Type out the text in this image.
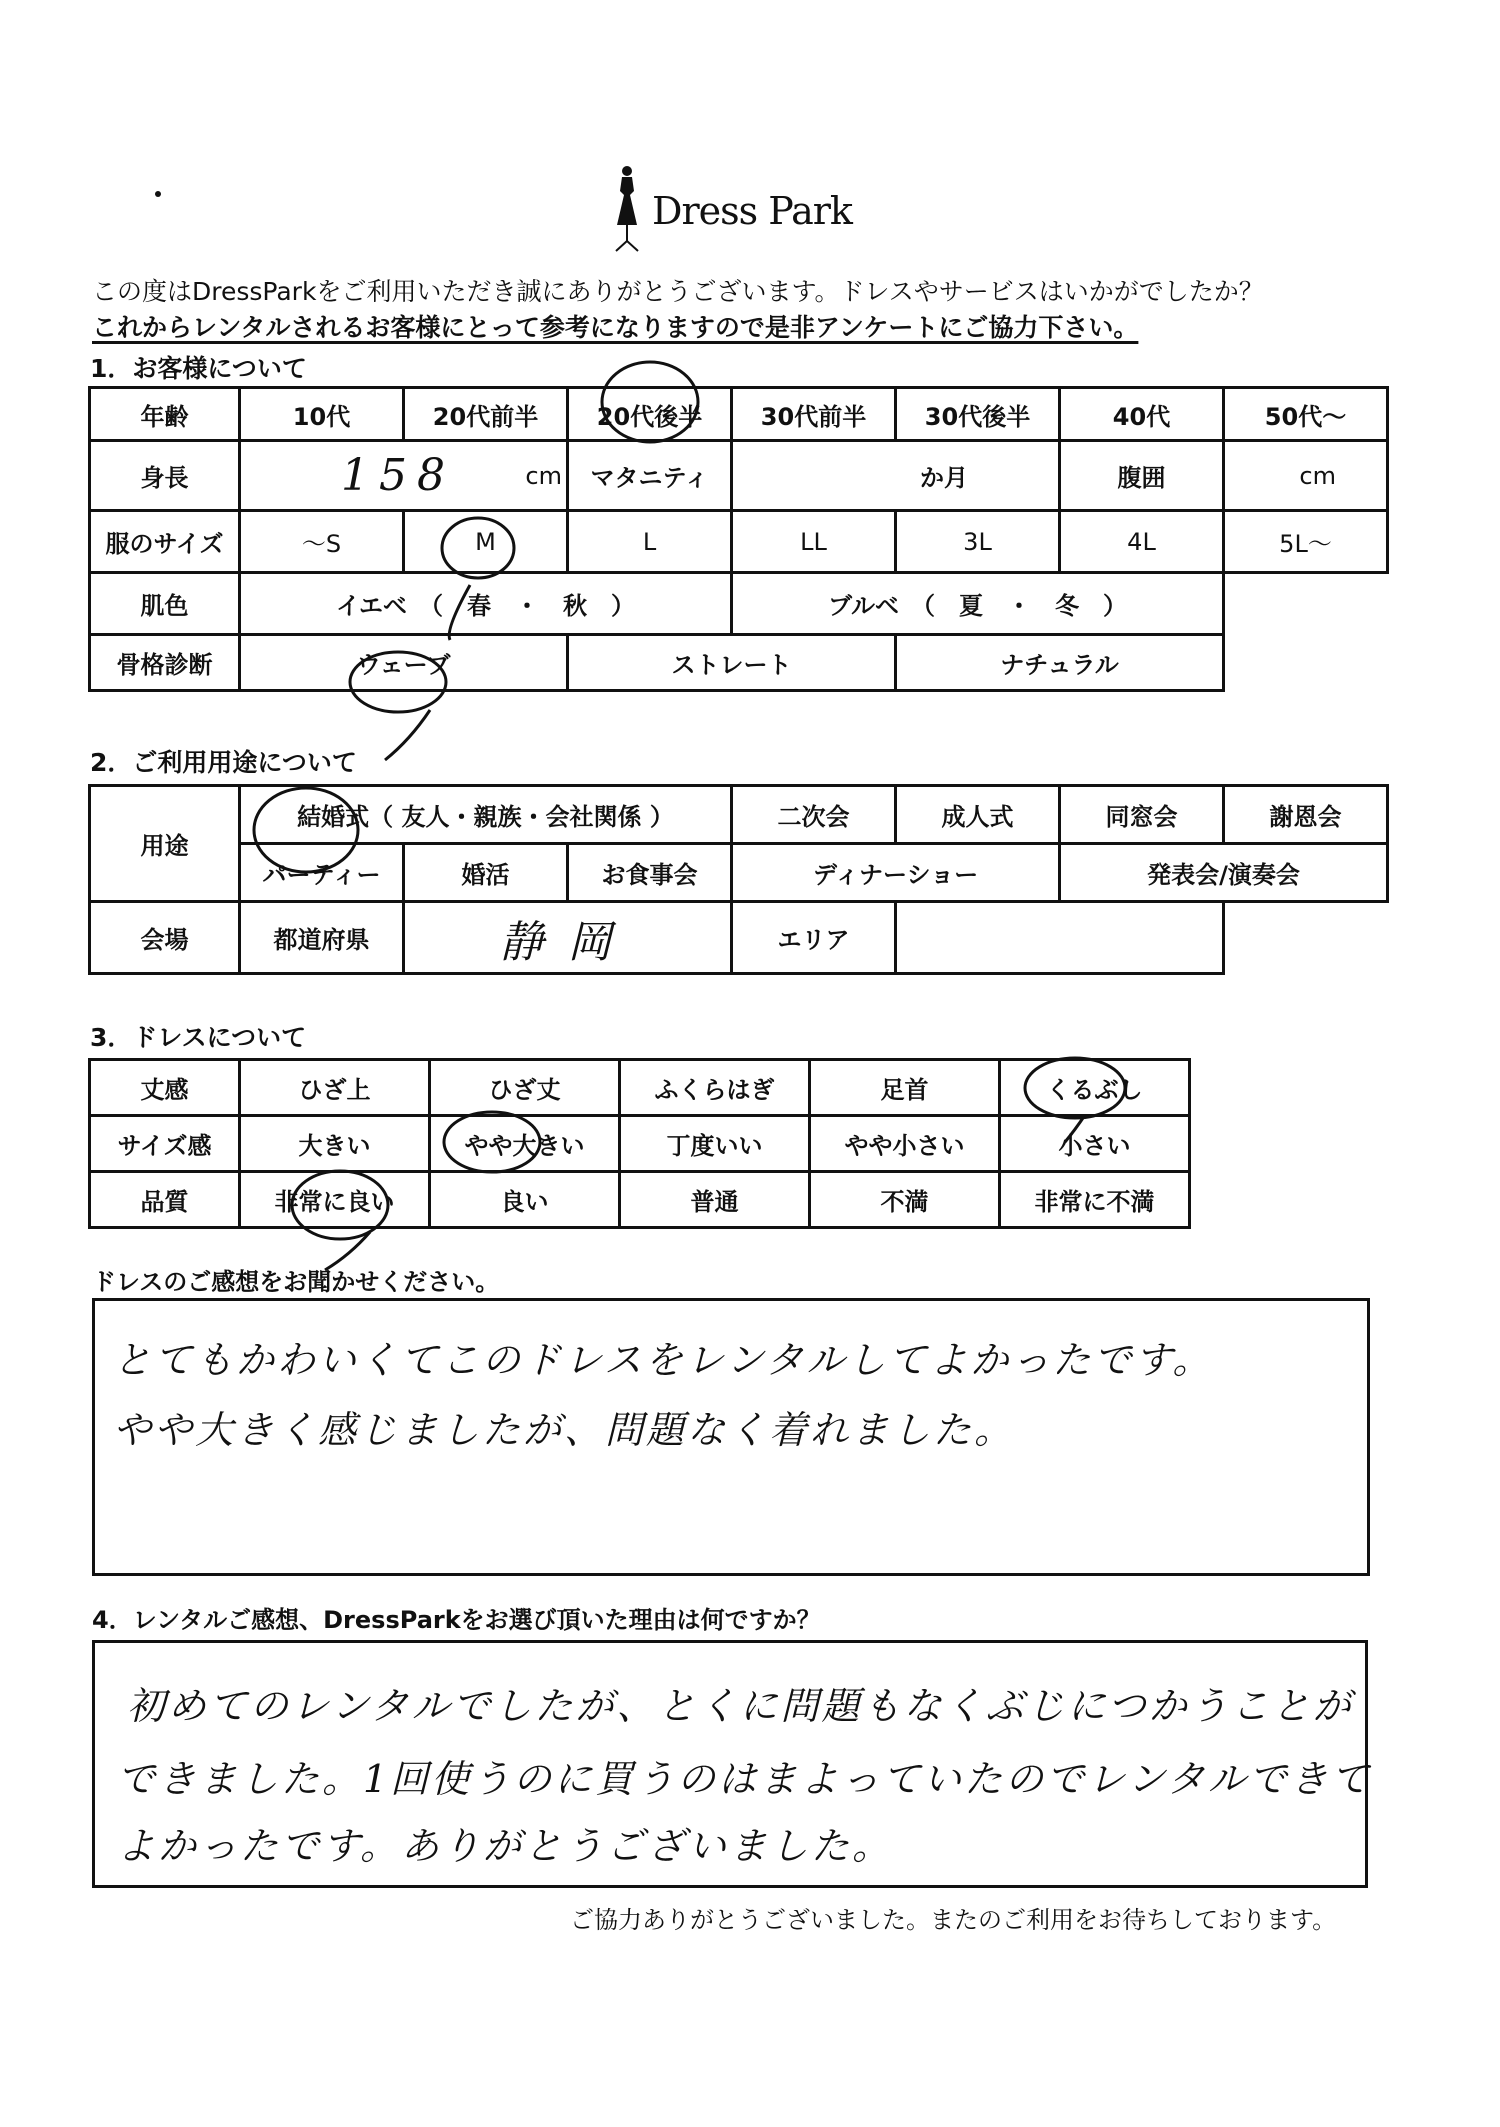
Dress Park
この度はDressParkをご利用いただき誠にありがとうございます。ドレスやサービスはいかがでしたか？
これからレンタルされるお客様にとって参考になりますので是非アンケートにご協力下さい。
1．お客様について
年齢	10代	20代前半	20代後半	30代前半	30代後半	40代	50代～
身長	158 cm		マタニティ	か月		腹囲	cm
服のサイズ	～S	M	L	LL	3L	4L	5L～
肌色	イエベ　（　春　・　秋　）			ブルベ　（　夏　・　冬　）			
骨格診断	ウェーブ		ストレート		ナチュラル		
2．ご利用用途について
用途	結婚式（ 友人・親族・会社関係 ）			二次会	成人式	同窓会	謝恩会
	パーティー	婚活	お食事会	ディナーショー		発表会/演奏会	
会場	都道府県	静岡		エリア			
3．ドレスについて
丈感	ひざ上	ひざ丈	ふくらはぎ	足首	くるぶし
サイズ感	大きい	やや大きい	丁度いい	やや小さい	小さい
品質	非常に良い	良い	普通	不満	非常に不満
ドレスのご感想をお聞かせください。
とてもかわいくてこのドレスをレンタルしてよかったです。
やや大きく感じましたが、問題なく着れました。
4．レンタルご感想、DressParkをお選び頂いた理由は何ですか？
初めてのレンタルでしたが、とくに問題もなくぶじにつかうことが
できました。1回使うのに買うのはまよっていたのでレンタルできて
よかったです。ありがとうございました。
ご協力ありがとうございました。またのご利用をお待ちしております。
